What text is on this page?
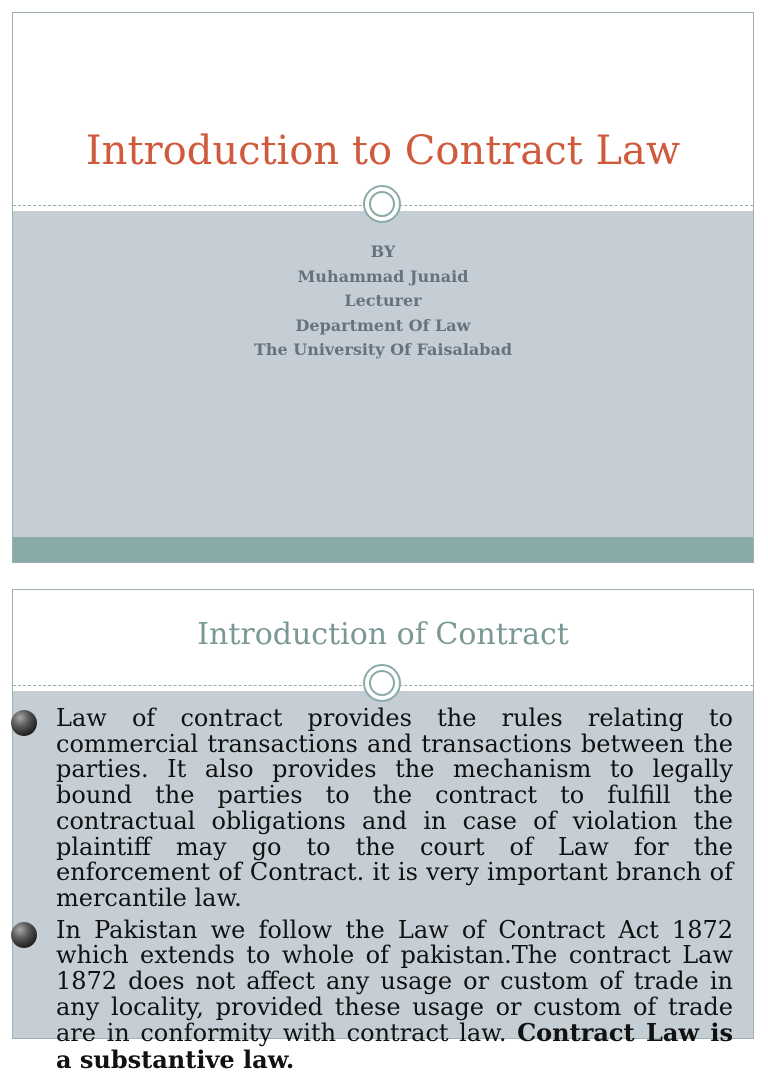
Introduction to Contract Law
BY
Muhammad Junaid
Lecturer
Department Of Law
The University Of Faisalabad
Introduction of Contract

Law of contract provides the rules relating to commercial transactions and transactions between the parties. It also provides the mechanism to legally bound the parties to the contract to fulfill the contractual obligations and in case of violation the plaintiff may go to the court of Law for the enforcement of Contract. it is very important branch of mercantile law.

In Pakistan we follow the Law of Contract Act 1872 which extends to whole of pakistan.The contract Law 1872 does not affect any usage or custom of trade in any locality, provided these usage or custom of trade are in conformity with contract law. Contract Law is a substantive law.
